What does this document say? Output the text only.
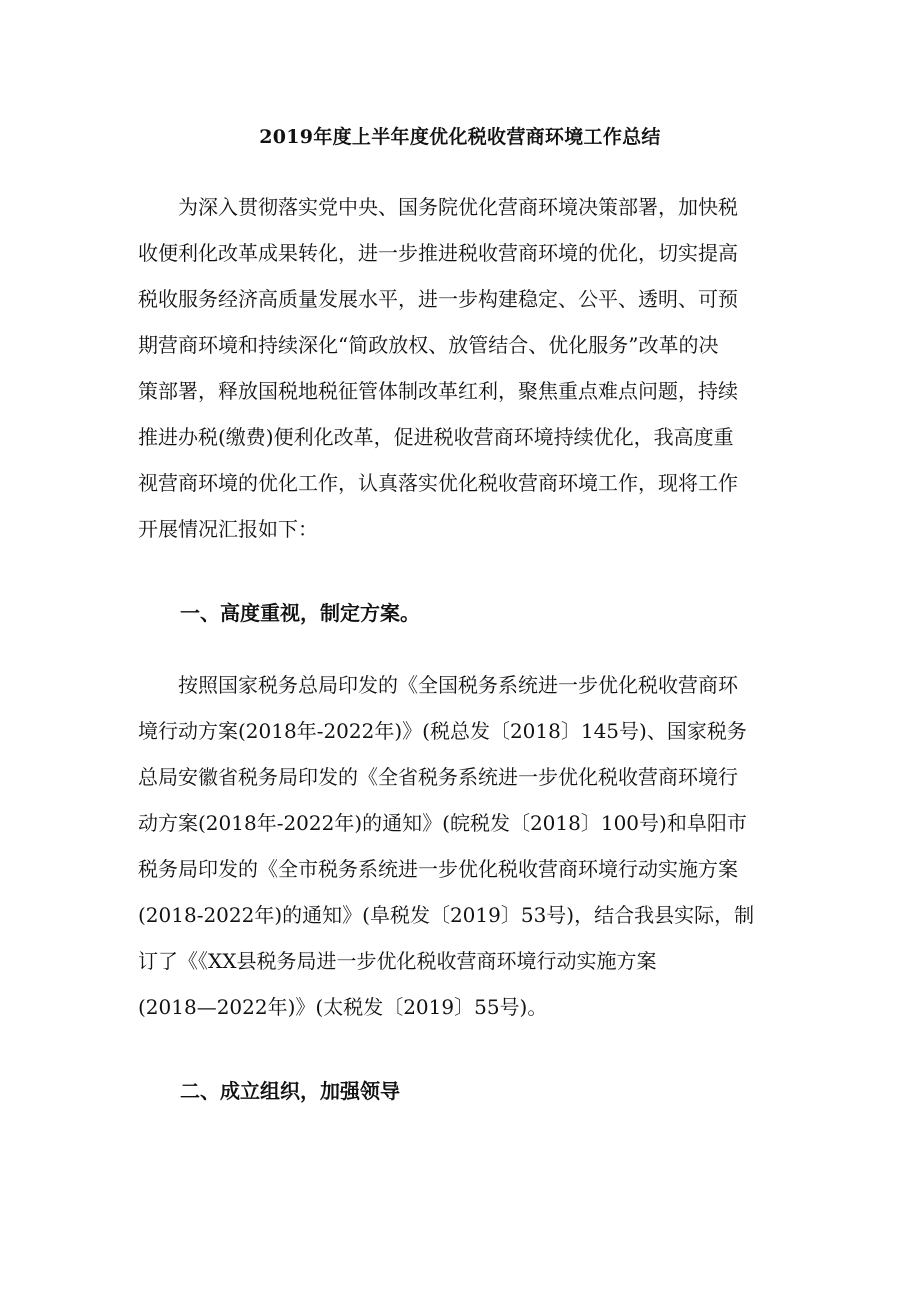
2019年度上半年度优化税收营商环境工作总结
为深入贯彻落实党中央、国务院优化营商环境决策部署，加快税
收便利化改革成果转化，进一步推进税收营商环境的优化，切实提高
税收服务经济高质量发展水平，进一步构建稳定、公平、透明、可预
期营商环境和持续深化“简政放权、放管结合、优化服务”改革的决
策部署，释放国税地税征管体制改革红利，聚焦重点难点问题，持续
推进办税(缴费)便利化改革，促进税收营商环境持续优化，我高度重
视营商环境的优化工作，认真落实优化税收营商环境工作，现将工作
开展情况汇报如下：
一、高度重视，制定方案。
按照国家税务总局印发的《全国税务系统进一步优化税收营商环
境行动方案(2018年-2022年)》(税总发〔2018〕145号)、国家税务
总局安徽省税务局印发的《全省税务系统进一步优化税收营商环境行
动方案(2018年-2022年)的通知》(皖税发〔2018〕100号)和阜阳市
税务局印发的《全市税务系统进一步优化税收营商环境行动实施方案
(2018-2022年)的通知》(阜税发〔2019〕53号)，结合我县实际，制
订了《《XX县税务局进一步优化税收营商环境行动实施方案
(2018—2022年)》(太税发〔2019〕55号)。
二、成立组织，加强领导
